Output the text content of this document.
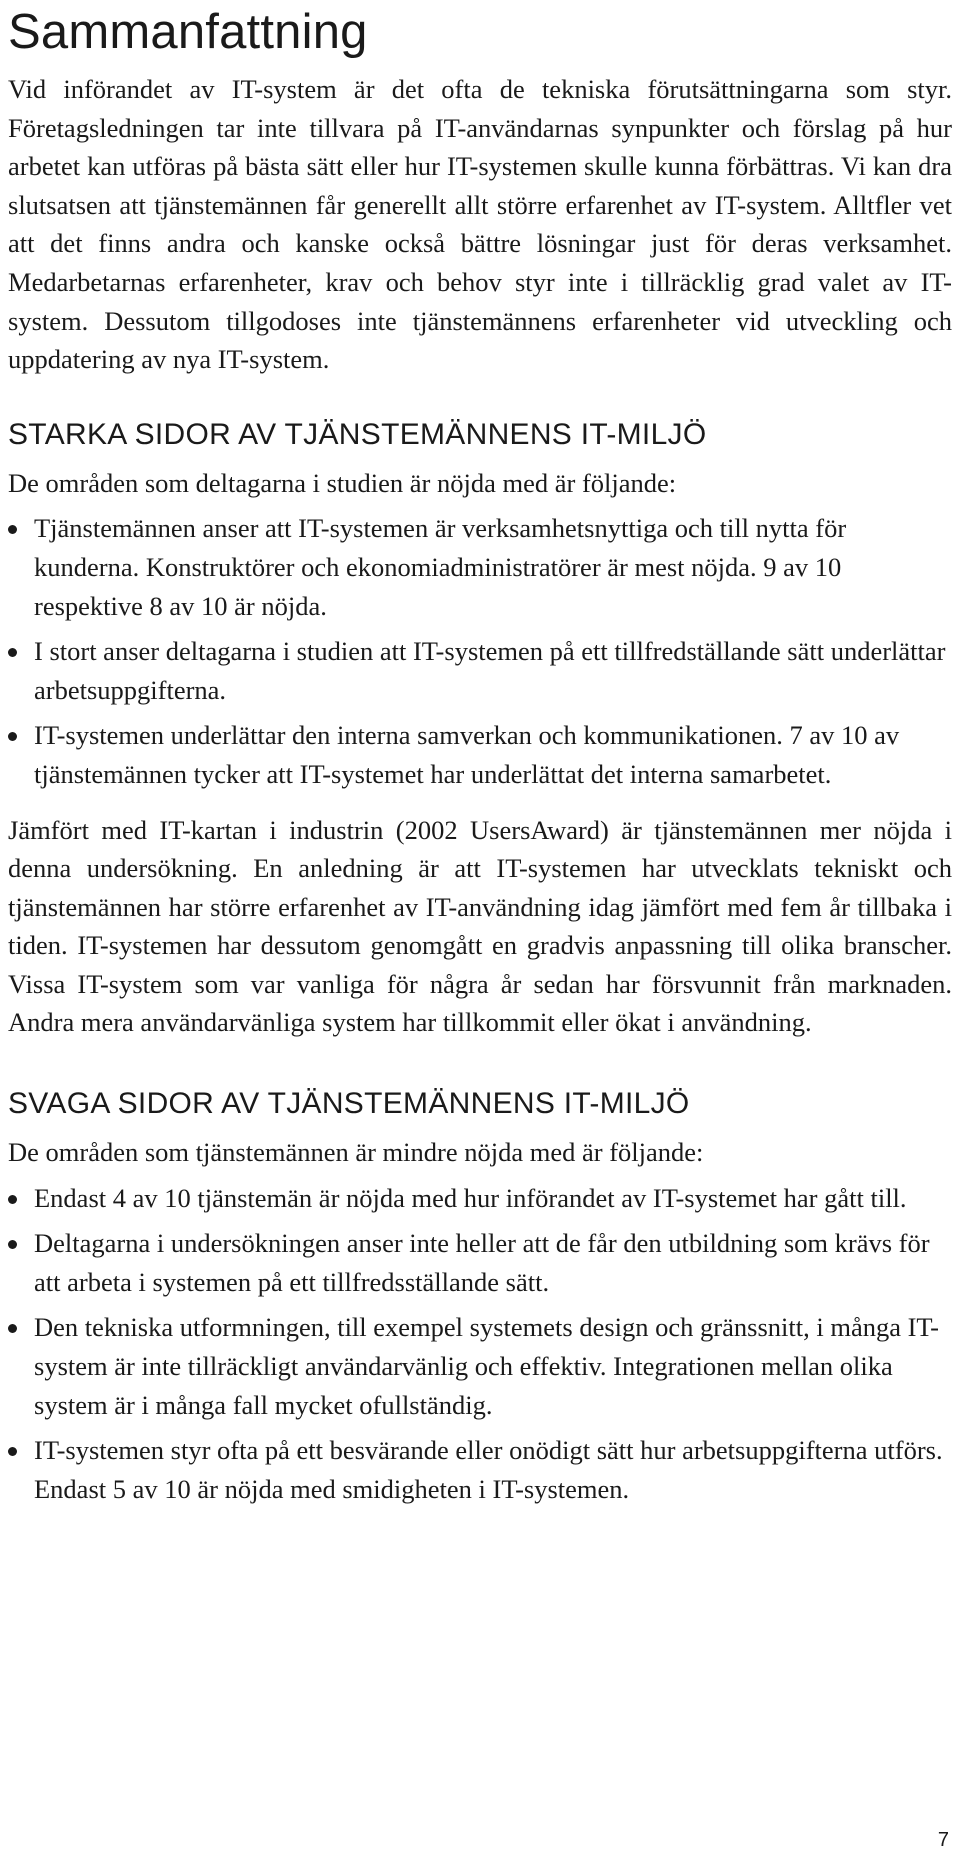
Sammanfattning

Vid införandet av IT-system är det ofta de tekniska förutsättningarna som styr. Företagsledningen tar inte tillvara på IT-användarnas synpunkter och förslag på hur arbetet kan utföras på bästa sätt eller hur IT-systemen skulle kunna förbättras. Vi kan dra slutsatsen att tjänstemännen får generellt allt större erfarenhet av IT-system. Alltfler vet att det finns andra och kanske också bättre lösningar just för deras verksamhet. Medarbetarnas erfarenheter, krav och behov styr inte i tillräcklig grad valet av IT-system. Dessutom tillgodoses inte tjänstemännens erfarenheter vid utveckling och uppdatering av nya IT-system.

STARKA SIDOR AV TJÄNSTEMÄNNENS IT-MILJÖ

De områden som deltagarna i studien är nöjda med är följande:

Tjänstemännen anser att IT-systemen är verksamhetsnyttiga och till nytta för kunderna. Konstruktörer och ekonomiadministratörer är mest nöjda. 9 av 10 respektive 8 av 10 är nöjda.
I stort anser deltagarna i studien att IT-systemen på ett tillfredställande sätt underlättar arbetsuppgifterna.
IT-systemen underlättar den interna samverkan och kommunikationen. 7 av 10 av tjänstemännen tycker att IT-systemet har underlättat det interna samarbetet.

Jämfört med IT-kartan i industrin (2002 UsersAward) är tjänstemännen mer nöjda i denna undersökning. En anledning är att IT-systemen har utvecklats tekniskt och tjänstemännen har större erfarenhet av IT-användning idag jämfört med fem år tillbaka i tiden. IT-systemen har dessutom genomgått en gradvis anpassning till olika branscher. Vissa IT-system som var vanliga för några år sedan har försvunnit från marknaden. Andra mera användarvänliga system har tillkommit eller ökat i användning.

SVAGA SIDOR AV TJÄNSTEMÄNNENS IT-MILJÖ

De områden som tjänstemännen är mindre nöjda med är följande:

Endast 4 av 10 tjänstemän är nöjda med hur införandet av IT-systemet har gått till.
Deltagarna i undersökningen anser inte heller att de får den utbildning som krävs för att arbeta i systemen på ett tillfredsställande sätt.
Den tekniska utformningen, till exempel systemets design och gränssnitt, i många IT-system är inte tillräckligt användarvänlig och effektiv. Integrationen mellan olika system är i många fall mycket ofullständig.
IT-systemen styr ofta på ett besvärande eller onödigt sätt hur arbetsuppgifterna utförs. Endast 5 av 10 är nöjda med smidigheten i IT-systemen.
7
